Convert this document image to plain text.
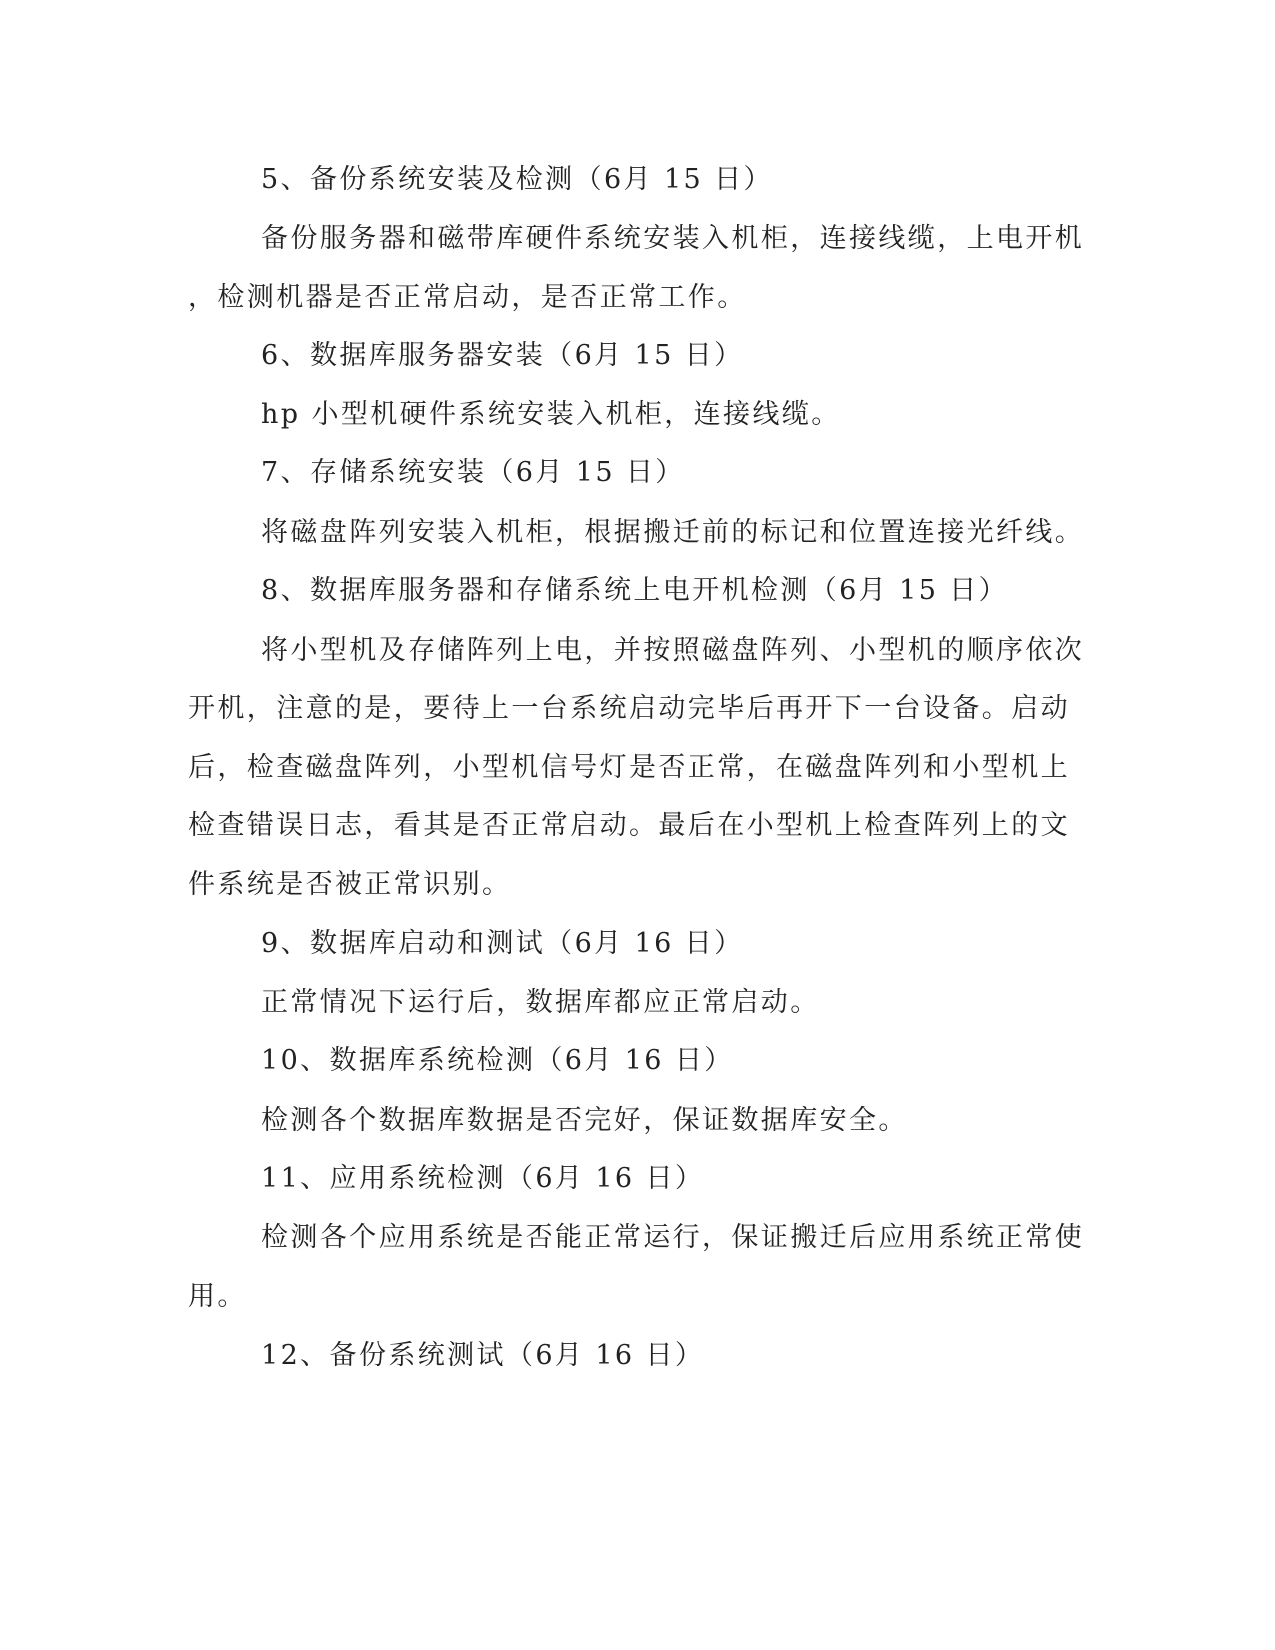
5、备份系统安装及检测（6月 15 日）
备份服务器和磁带库硬件系统安装入机柜，连接线缆，上电开机
，检测机器是否正常启动，是否正常工作。
6、数据库服务器安装（6月 15 日）
hp 小型机硬件系统安装入机柜，连接线缆。
7、存储系统安装（6月 15 日）
将磁盘阵列安装入机柜，根据搬迁前的标记和位置连接光纤线。
8、数据库服务器和存储系统上电开机检测（6月 15 日）
将小型机及存储阵列上电，并按照磁盘阵列、小型机的顺序依次
开机，注意的是，要待上一台系统启动完毕后再开下一台设备。启动
后，检查磁盘阵列，小型机信号灯是否正常，在磁盘阵列和小型机上
检查错误日志，看其是否正常启动。最后在小型机上检查阵列上的文
件系统是否被正常识别。
9、数据库启动和测试（6月 16 日）
正常情况下运行后，数据库都应正常启动。
10、数据库系统检测（6月 16 日）
检测各个数据库数据是否完好，保证数据库安全。
11、应用系统检测（6月 16 日）
检测各个应用系统是否能正常运行，保证搬迁后应用系统正常使
用。
12、备份系统测试（6月 16 日）
